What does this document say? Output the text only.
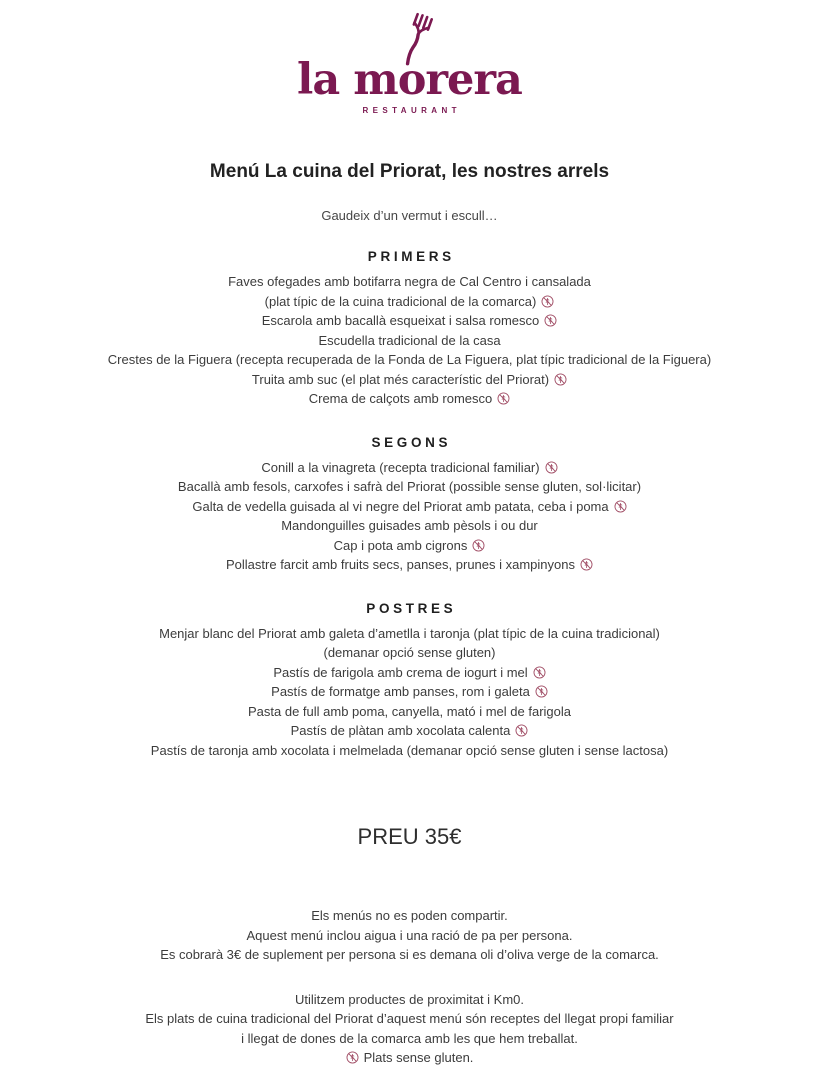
la morera
RESTAURANT
Menú La cuina del Priorat, les nostres arrels

Gaudeix d’un vermut i escull…

PRIMERS
Faves ofegades amb botifarra negra de Cal Centro i cansalada
(plat típic de la cuina tradicional de la comarca)
Escarola amb bacallà esqueixat i salsa romesco
Escudella tradicional de la casa
Crestes de la Figuera (recepta recuperada de la Fonda de La Figuera, plat típic tradicional de la Figuera)
Truita amb suc (el plat més característic del Priorat)
Crema de calçots amb romesco
SEGONS
Conill a la vinagreta (recepta tradicional familiar)
Bacallà amb fesols, carxofes i safrà del Priorat (possible sense gluten, sol·licitar)
Galta de vedella guisada al vi negre del Priorat amb patata, ceba i poma
Mandonguilles guisades amb pèsols i ou dur
Cap i pota amb cigrons
Pollastre farcit amb fruits secs, panses, prunes i xampinyons
POSTRES
Menjar blanc del Priorat amb galeta d’ametlla i taronja (plat típic de la cuina tradicional)
(demanar opció sense gluten)
Pastís de farigola amb crema de iogurt i mel
Pastís de formatge amb panses, rom i galeta
Pasta de full amb poma, canyella, mató i mel de farigola
Pastís de plàtan amb xocolata calenta
Pastís de taronja amb xocolata i melmelada (demanar opció sense gluten i sense lactosa)
PREU 35€

Els menús no es poden compartir.

Aquest menú inclou aigua i una ració de pa per persona.

Es cobrarà 3€ de suplement per persona si es demana oli d’oliva verge de la comarca.

Utilitzem productes de proximitat i Km0.

Els plats de cuina tradicional del Priorat d’aquest menú són receptes del llegat propi familiar

i llegat de dones de la comarca amb les que hem treballat.

Plats sense gluten.
